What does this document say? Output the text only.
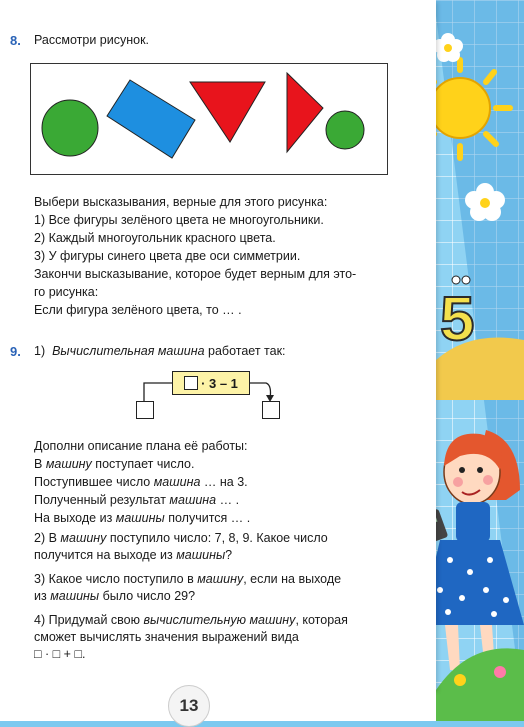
5
8. Рассмотри рисунок.
Выбери высказывания, верные для этого рисунка:
1) Все фигуры зелёного цвета не многоугольники.
2) Каждый многоугольник красного цвета.
3) У фигуры синего цвета две оси симметрии.
Закончи высказывание, которое будет верным для это-
го рисунка:
Если фигура зелёного цвета, то … .
9. 1) Вычислительная машина работает так:
· 3 – 1
Дополни описание плана её работы:
В машину поступает число.
Поступившее число машина … на 3.
Полученный результат машина … .
На выходе из машины получится … .
2) В машину поступило число: 7, 8, 9. Какое число
получится на выходе из машины?
3) Какое число поступило в машину, если на выходе
из машины было число 29?
4) Придумай свою вычислительную машину, которая
сможет вычислять значения выражений вида
□ · □ + □.
13
